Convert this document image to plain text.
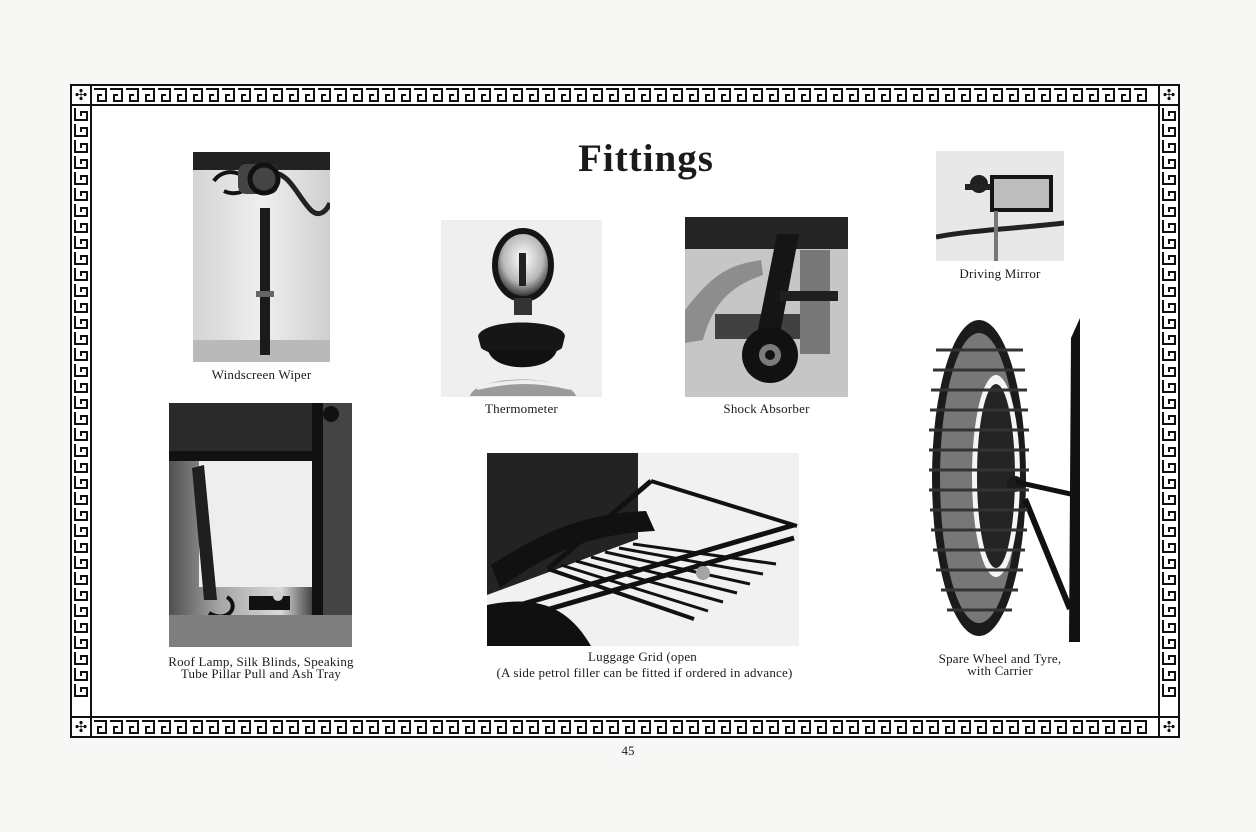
✣	✣
✣	✣
Fittings
Windscreen Wiper
Thermometer	Shock Absorber
Driving Mirror
Roof Lamp, Silk Blinds, Speaking
Tube Pillar Pull and Ash Tray
Luggage Grid (open
(A side petrol filler can be fitted if ordered in advance)
Spare Wheel and Tyre,
with Carrier
45
